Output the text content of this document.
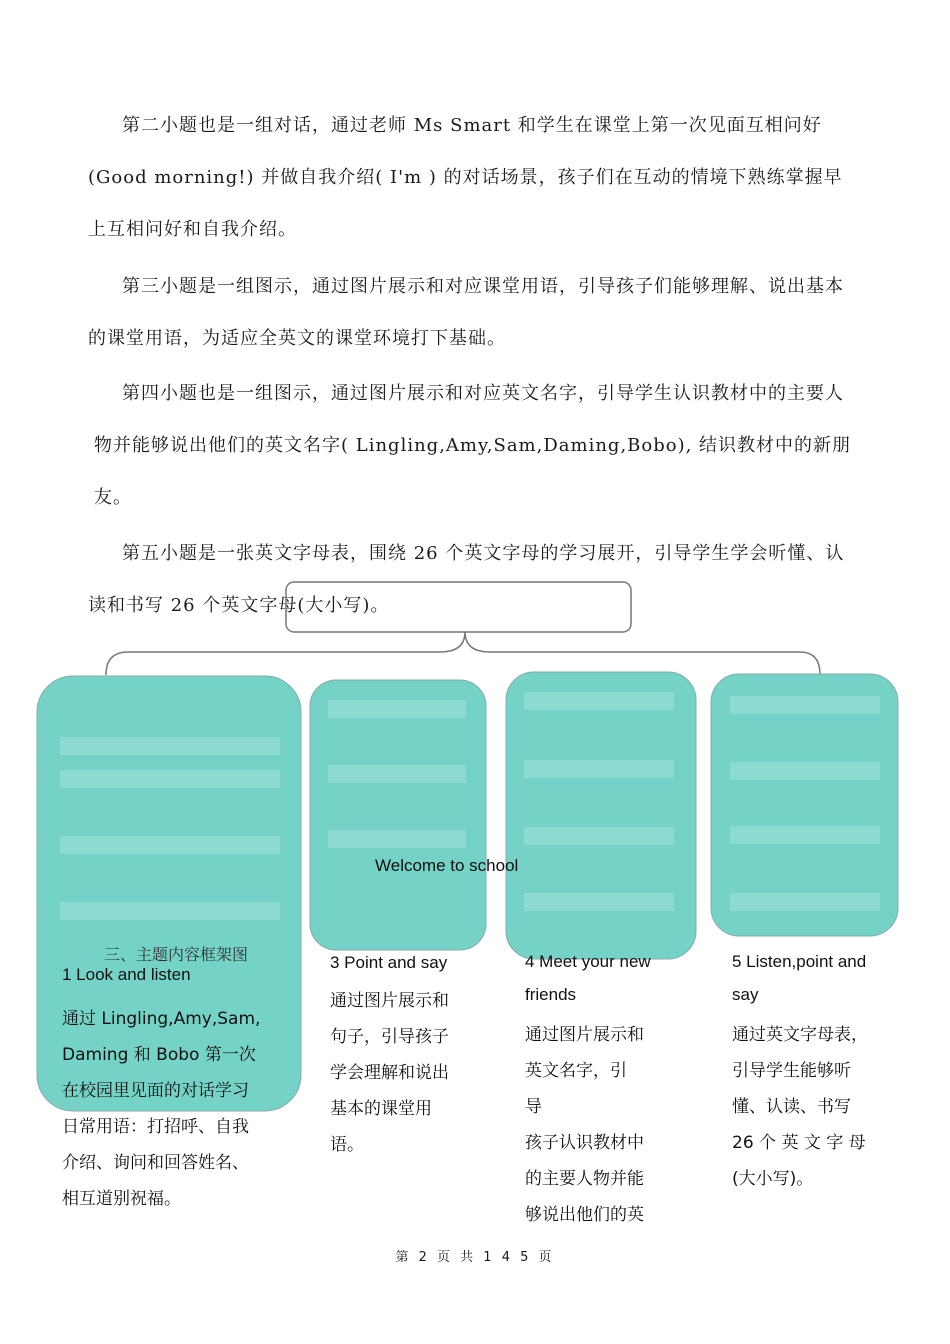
第二小题也是一组对话，通过老师 Ms Smart 和学生在课堂上第一次见面互相问好
(Good morning!) 并做自我介绍( I'm ) 的对话场景，孩子们在互动的情境下熟练掌握早
上互相问好和自我介绍。

第三小题是一组图示，通过图片展示和对应课堂用语，引导孩子们能够理解、说出基本
的课堂用语，为适应全英文的课堂环境打下基础。

第四小题也是一组图示，通过图片展示和对应英文名字，引导学生认识教材中的主要人
物并能够说出他们的英文名字( Lingling,Amy,Sam,Daming,Bobo), 结识教材中的新朋
友。

第五小题是一张英文字母表，围绕 26 个英文字母的学习展开，引导学生学会听懂、认
读和书写 26 个英文字母(大小写)。

Welcome to school
三、主题内容框架图
1 Look and listen
通过 Lingling,Amy,Sam,
Daming 和 Bobo 第一次
在校园里见面的对话学习
日常用语：打招呼、自我
介绍、询问和回答姓名、
相互道别祝福。
3 Point and say
通过图片展示和
句子，引导孩子
学会理解和说出
基本的课堂用
语。
4 Meet your new friends
通过图片展示和
英文名字，引
导
孩子认识教材中
的主要人物并能
够说出他们的英
5 Listen,point and say
通过英文字母表，
引导学生能够听
懂、认读、书写
26 个 英 文 字 母
(大小写)。
第 2 页 共 1 4 5 页
